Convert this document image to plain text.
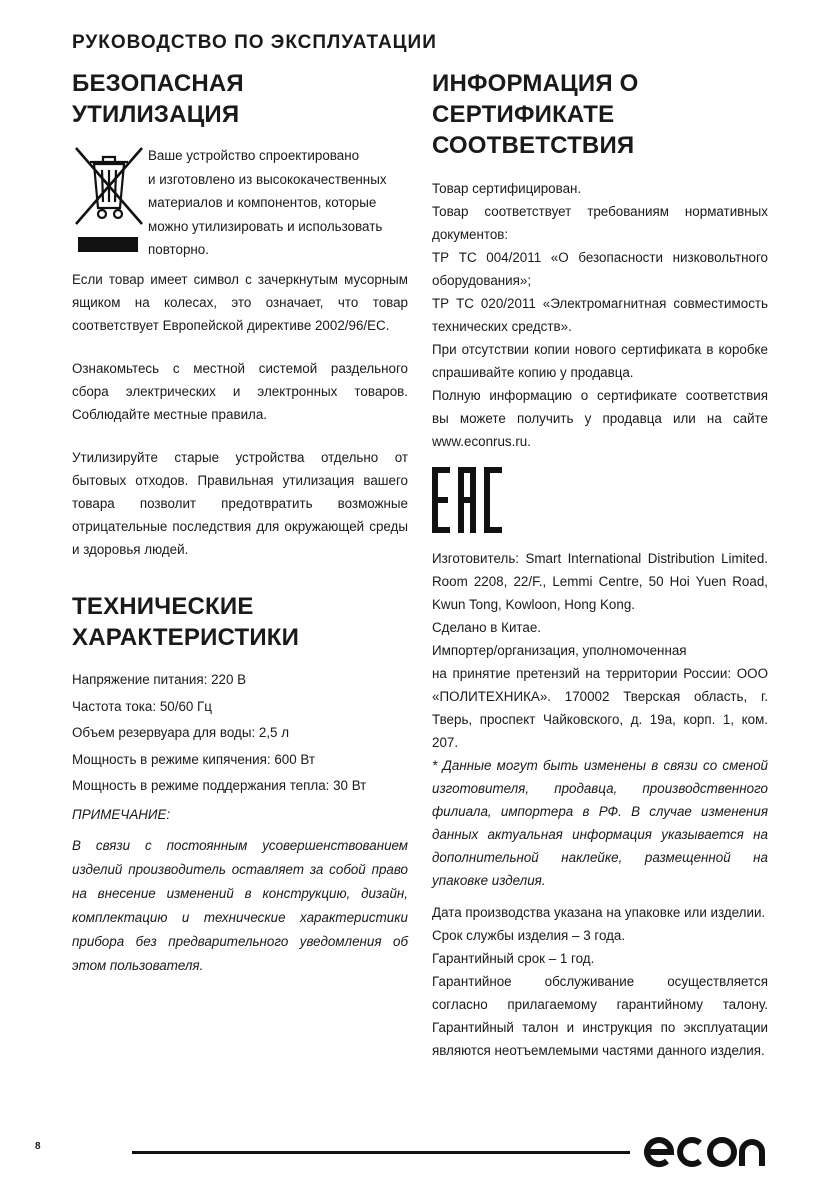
РУКОВОДСТВО ПО ЭКСПЛУАТАЦИИ
БЕЗОПАСНАЯ УТИЛИЗАЦИЯ

Ваше устройство спроектировано

и изготовлено из высококачественных

материалов и компонентов, которые

можно утилизировать и использовать

повторно.

Если товар имеет символ с зачеркнутым мусорным ящиком на колесах, это означает, что товар соответствует Европейской директиве 2002/96/ЕС.

Ознакомьтесь с местной системой раздельного сбора электрических и электронных товаров. Соблюдайте местные правила.

Утилизируйте старые устройства отдельно от бытовых отходов. Правильная утилизация вашего товара позволит предотвратить возможные отрицательные последствия для окружающей среды и здоровья людей.

ТЕХНИЧЕСКИЕ ХАРАКТЕРИСТИКИ

Напряжение питания: 220 В

Частота тока: 50/60 Гц

Объем резервуара для воды: 2,5 л

Мощность в режиме кипячения: 600 Вт

Мощность в режиме поддержания тепла: 30 Вт

ПРИМЕЧАНИЕ:

В связи с постоянным усовершенствованием изделий производитель оставляет за собой право на внесение изменений в конструкцию, дизайн, комплектацию и технические характеристики прибора без предварительного уведомления об этом пользователя.

ИНФОРМАЦИЯ О СЕРТИФИКАТЕ СООТВЕТСТВИЯ

Товар сертифицирован.

Товар соответствует требованиям нормативных документов:

ТР ТС 004/2011 «О безопасности низковольтного оборудования»;

ТР ТС 020/2011 «Электромагнитная совместимость технических средств».

При отсутствии копии нового сертификата в коробке спрашивайте копию у продавца.

Полную информацию о сертификате соответствия вы можете получить у продавца или на сайте www.econrus.ru.

Изготовитель: Smart International Distribution Limited. Room 2208, 22/F., Lemmi Centre, 50 Hoi Yuen Road, Kwun Tong, Kowloon, Hong Kong.

Сделано в Китае.

Импортер/организация, уполномоченная

на принятие претензий на территории России: ООО «ПОЛИТЕХНИКА». 170002 Тверская область, г. Тверь, проспект Чайковского, д. 19а, корп. 1, ком. 207.

* Данные могут быть изменены в связи со сменой изготовителя, продавца, производственного филиала, импортера в РФ. В случае изменения данных актуальная информация указывается на дополнительной наклейке, размещенной на упаковке изделия.

Дата производства указана на упаковке или изделии.

Срок службы изделия – 3 года.

Гарантийный срок – 1 год.

Гарантийное обслуживание осуществляется согласно прилагаемому гарантийному талону. Гарантийный талон и инструкция по эксплуатации являются неотъемлемыми частями данного изделия.

8
